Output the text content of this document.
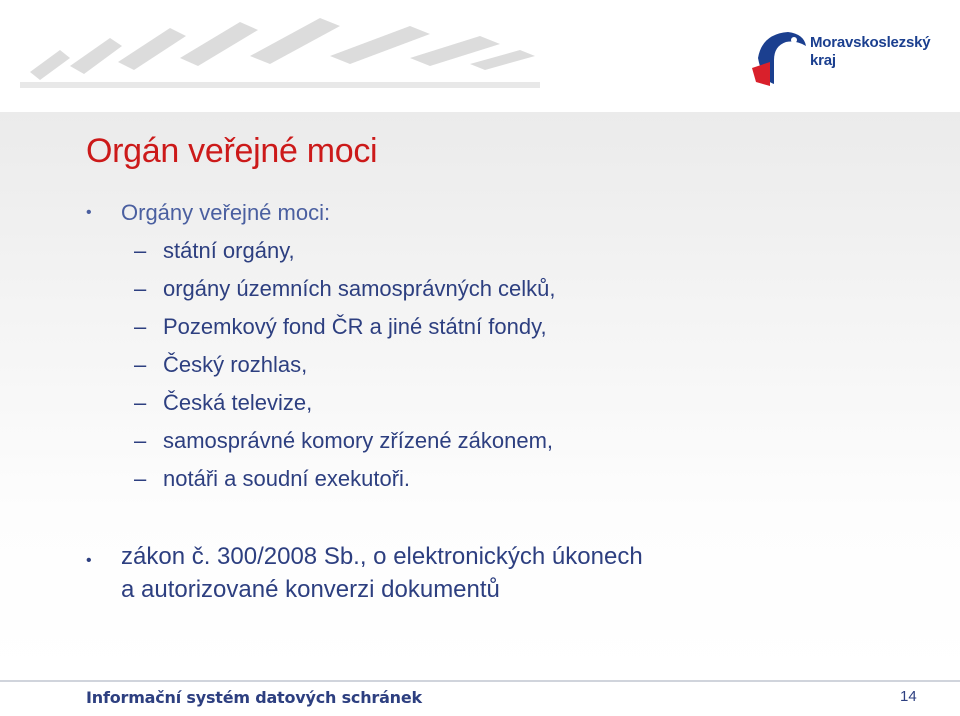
Moravskoslezský
kraj
Orgán veřejné moci
• Orgány veřejné moci:
– státní orgány,
– orgány územních samosprávných celků,
– Pozemkový fond ČR a jiné státní fondy,
– Český rozhlas,
– Česká televize,
– samosprávné komory zřízené zákonem,
– notáři a soudní exekutoři.
• zákon č. 300/2008 Sb., o elektronických úkonech
a autorizované konverzi dokumentů
Informační systém datových schránek	14
